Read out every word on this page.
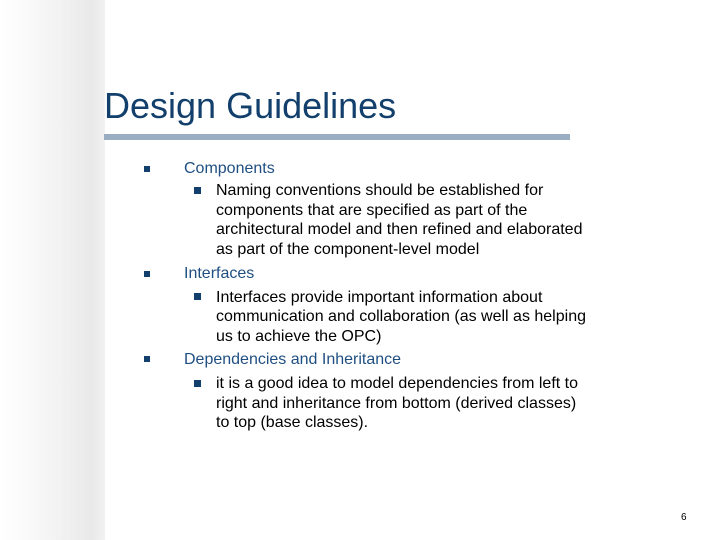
Design Guidelines
Components
Naming conventions should be established for
components that are specified as part of the
architectural model and then refined and elaborated
as part of the component-level model
Interfaces
Interfaces provide important information about
communication and collaboration (as well as helping
us to achieve the OPC)
Dependencies and Inheritance
it is a good idea to model dependencies from left to
right and inheritance from bottom (derived classes)
to top (base classes).
6
